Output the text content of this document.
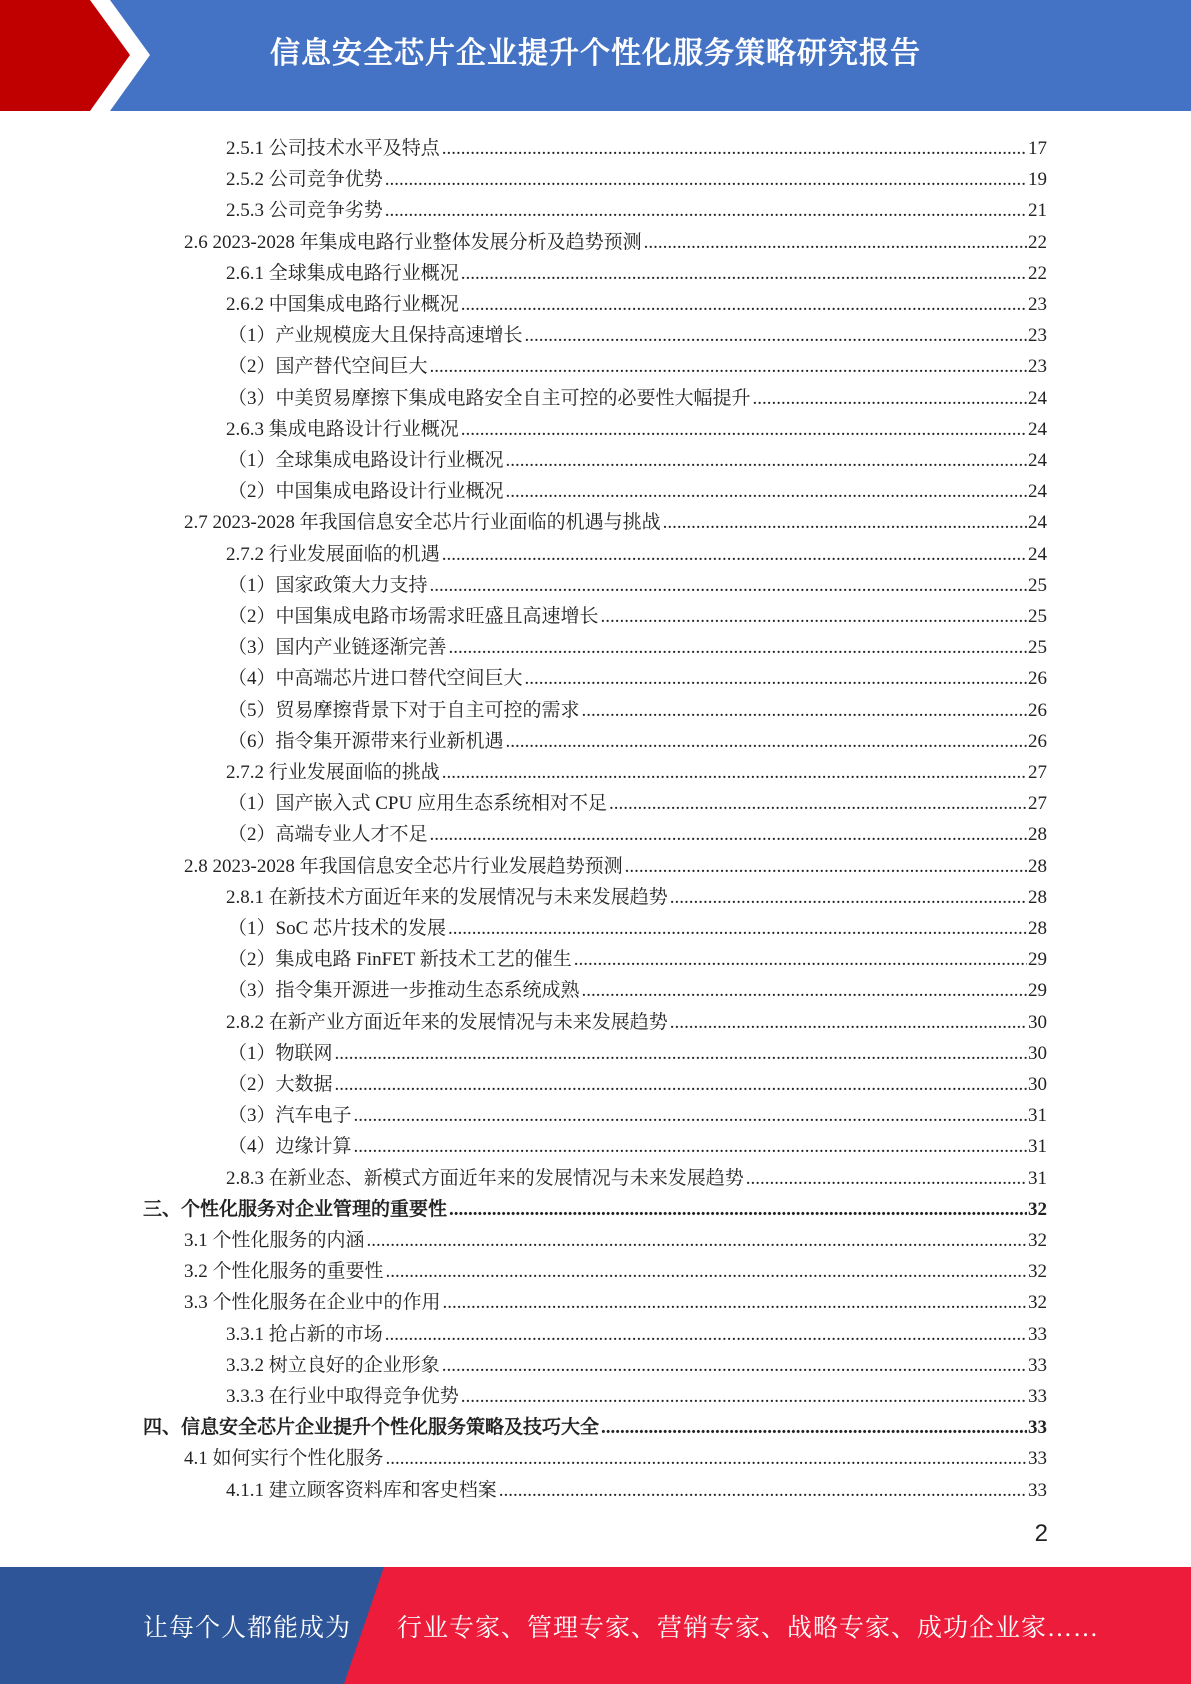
信息安全芯片企业提升个性化服务策略研究报告
2.5.1 公司技术水平及特点 .....	17
2.5.2 公司竞争优势 .....	19
2.5.3 公司竞争劣势 .....	21
2.6 2023-2028 年集成电路行业整体发展分析及趋势预测 .....	22
2.6.1 全球集成电路行业概况 .....	22
2.6.2 中国集成电路行业概况 .....	23
（1）产业规模庞大且保持高速增长 .....	23
（2）国产替代空间巨大 .....	23
（3）中美贸易摩擦下集成电路安全自主可控的必要性大幅提升 .....	24
2.6.3 集成电路设计行业概况 .....	24
（1）全球集成电路设计行业概况 .....	24
（2）中国集成电路设计行业概况 .....	24
2.7 2023-2028 年我国信息安全芯片行业面临的机遇与挑战 .....	24
2.7.2 行业发展面临的机遇 .....	24
（1）国家政策大力支持 .....	25
（2）中国集成电路市场需求旺盛且高速增长 .....	25
（3）国内产业链逐渐完善 .....	25
（4）中高端芯片进口替代空间巨大 .....	26
（5）贸易摩擦背景下对于自主可控的需求 .....	26
（6）指令集开源带来行业新机遇 .....	26
2.7.2 行业发展面临的挑战 .....	27
（1）国产嵌入式 CPU 应用生态系统相对不足 .....	27
（2）高端专业人才不足 .....	28
2.8 2023-2028 年我国信息安全芯片行业发展趋势预测 .....	28
2.8.1 在新技术方面近年来的发展情况与未来发展趋势 .....	28
（1）SoC 芯片技术的发展 .....	28
（2）集成电路 FinFET 新技术工艺的催生 .....	29
（3）指令集开源进一步推动生态系统成熟 .....	29
2.8.2 在新产业方面近年来的发展情况与未来发展趋势 .....	30
（1）物联网 .....	30
（2）大数据 .....	30
（3）汽车电子 .....	31
（4）边缘计算 .....	31
2.8.3 在新业态、新模式方面近年来的发展情况与未来发展趋势 .....	31
三、个性化服务对企业管理的重要性 .....	32
3.1 个性化服务的内涵 .....	32
3.2 个性化服务的重要性 .....	32
3.3 个性化服务在企业中的作用 .....	32
3.3.1 抢占新的市场 .....	33
3.3.2 树立良好的企业形象 .....	33
3.3.3 在行业中取得竞争优势 .....	33
四、信息安全芯片企业提升个性化服务策略及技巧大全 .....	33
4.1 如何实行个性化服务 .....	33
4.1.1 建立顾客资料库和客史档案 .....	33
2
让每个人都能成为 行业专家、管理专家、营销专家、战略专家、成功企业家……
